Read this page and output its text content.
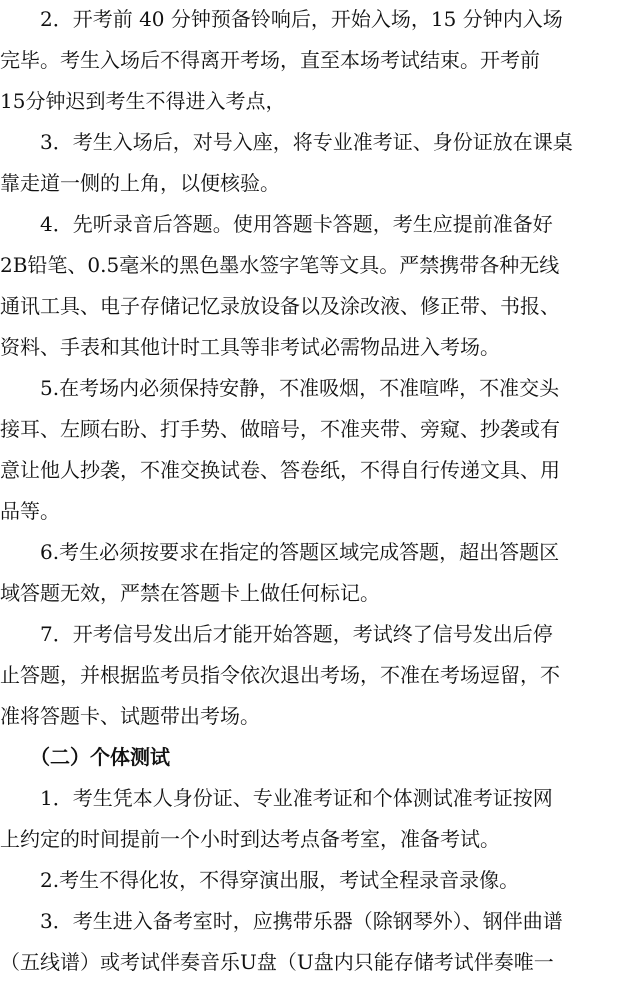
　　2．开考前 40 分钟预备铃响后，开始入场，15 分钟内入场
完毕。考生入场后不得离开考场，直至本场考试结束。开考前
15分钟迟到考生不得进入考点，
　　3．考生入场后，对号入座，将专业准考证、身份证放在课桌
靠走道一侧的上角，以便核验。
　　4．先听录音后答题。使用答题卡答题，考生应提前准备好
2B铅笔、0.5毫米的黑色墨水签字笔等文具。严禁携带各种无线
通讯工具、电子存储记忆录放设备以及涂改液、修正带、书报、
资料、手表和其他计时工具等非考试必需物品进入考场。
　　5.在考场内必须保持安静，不准吸烟，不准喧哗，不准交头
接耳、左顾右盼、打手势、做暗号，不准夹带、旁窥、抄袭或有
意让他人抄袭，不准交换试卷、答卷纸，不得自行传递文具、用
品等。
　　6.考生必须按要求在指定的答题区域完成答题，超出答题区
域答题无效，严禁在答题卡上做任何标记。
　　7．开考信号发出后才能开始答题，考试终了信号发出后停
止答题，并根据监考员指令依次退出考场，不准在考场逗留，不
准将答题卡、试题带出考场。
　　（二）个体测试
　　1．考生凭本人身份证、专业准考证和个体测试准考证按网
上约定的时间提前一个小时到达考点备考室，准备考试。
　　2.考生不得化妆，不得穿演出服，考试全程录音录像。
　　3．考生进入备考室时，应携带乐器（除钢琴外）、钢伴曲谱
（五线谱）或考试伴奏音乐U盘（U盘内只能存储考试伴奏唯一
